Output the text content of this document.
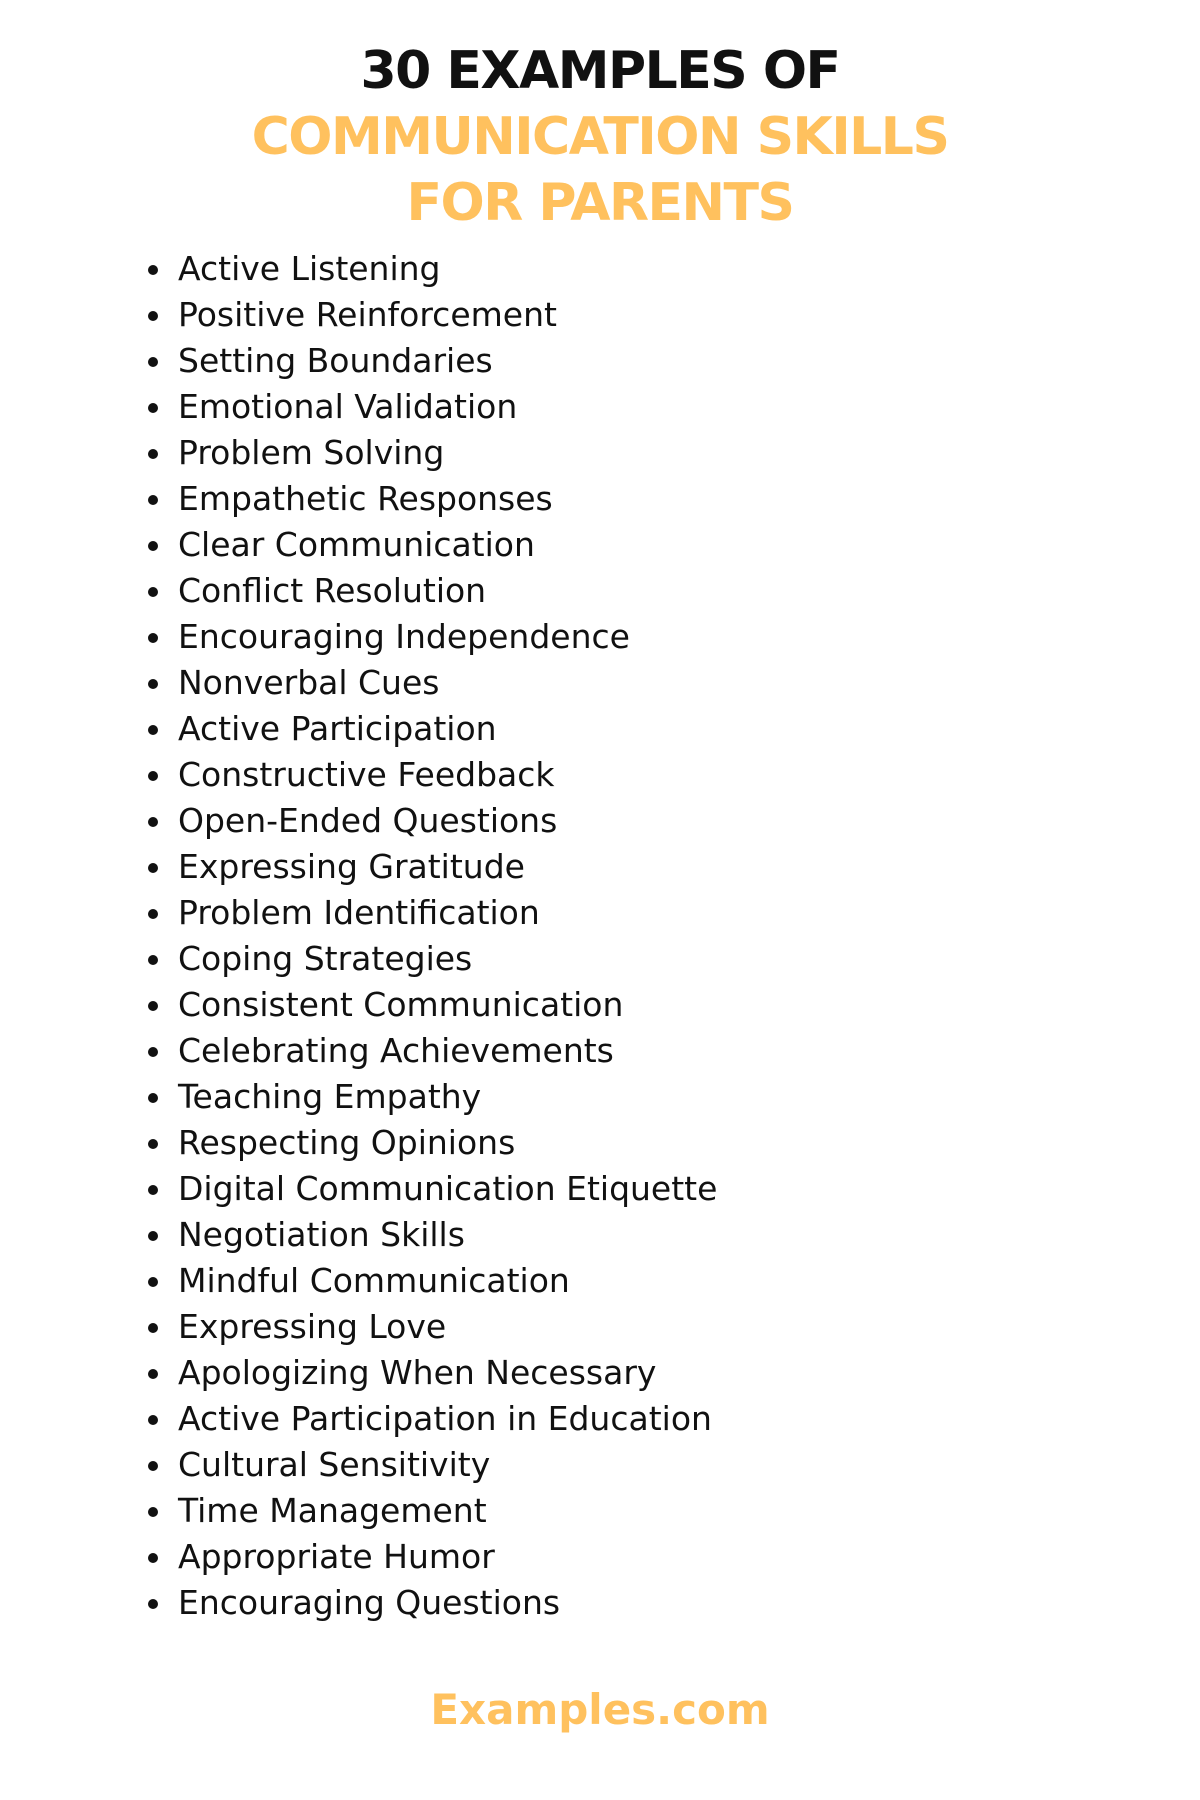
30 EXAMPLES OF
COMMUNICATION SKILLS
FOR PARENTS
Active Listening
Positive Reinforcement
Setting Boundaries
Emotional Validation
Problem Solving
Empathetic Responses
Clear Communication
Conflict Resolution
Encouraging Independence
Nonverbal Cues
Active Participation
Constructive Feedback
Open-Ended Questions
Expressing Gratitude
Problem Identification
Coping Strategies
Consistent Communication
Celebrating Achievements
Teaching Empathy
Respecting Opinions
Digital Communication Etiquette
Negotiation Skills
Mindful Communication
Expressing Love
Apologizing When Necessary
Active Participation in Education
Cultural Sensitivity
Time Management
Appropriate Humor
Encouraging Questions
Examples.com
